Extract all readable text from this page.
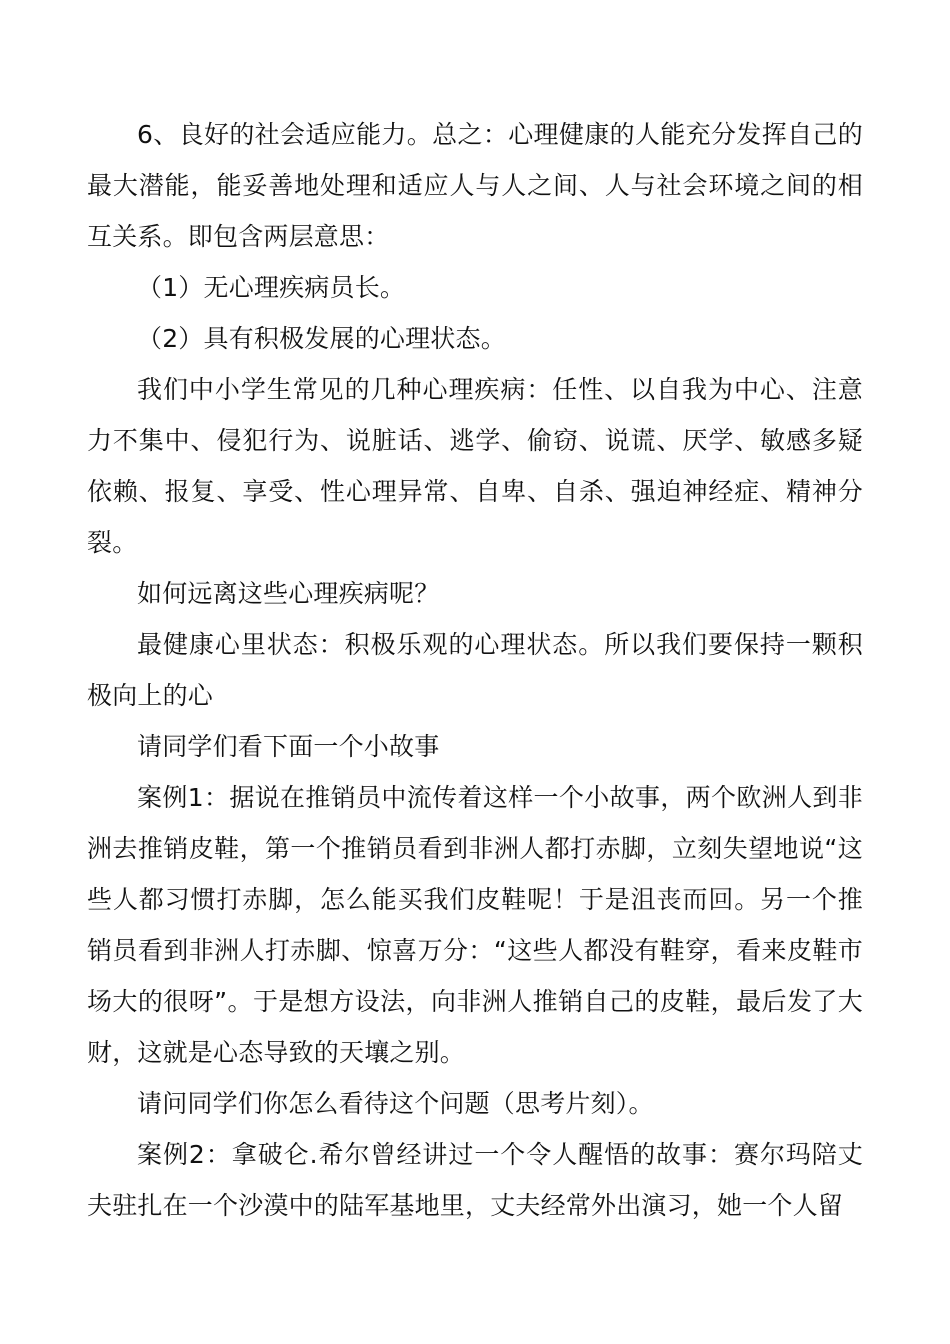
6、良好的社会适应能力。总之：心理健康的人能充分发挥自己的最大潜能，能妥善地处理和适应人与人之间、人与社会环境之间的相互关系。即包含两层意思：

（1）无心理疾病员长。

（2）具有积极发展的心理状态。

我们中小学生常见的几种心理疾病：任性、以自我为中心、注意力不集中、侵犯行为、说脏话、逃学、偷窃、说谎、厌学、敏感多疑依赖、报复、享受、性心理异常、自卑、自杀、强迫神经症、精神分裂。

如何远离这些心理疾病呢？

最健康心里状态：积极乐观的心理状态。所以我们要保持一颗积极向上的心

请同学们看下面一个小故事

案例1：据说在推销员中流传着这样一个小故事，两个欧洲人到非洲去推销皮鞋，第一个推销员看到非洲人都打赤脚，立刻失望地说“这些人都习惯打赤脚，怎么能买我们皮鞋呢！于是沮丧而回。另一个推销员看到非洲人打赤脚、惊喜万分：“这些人都没有鞋穿，看来皮鞋市场大的很呀”。于是想方设法，向非洲人推销自己的皮鞋，最后发了大财，这就是心态导致的天壤之别。

请问同学们你怎么看待这个问题（思考片刻）。

案例2：拿破仑.希尔曾经讲过一个令人醒悟的故事：赛尔玛陪丈夫驻扎在一个沙漠中的陆军基地里，丈夫经常外出演习，她一个人留
